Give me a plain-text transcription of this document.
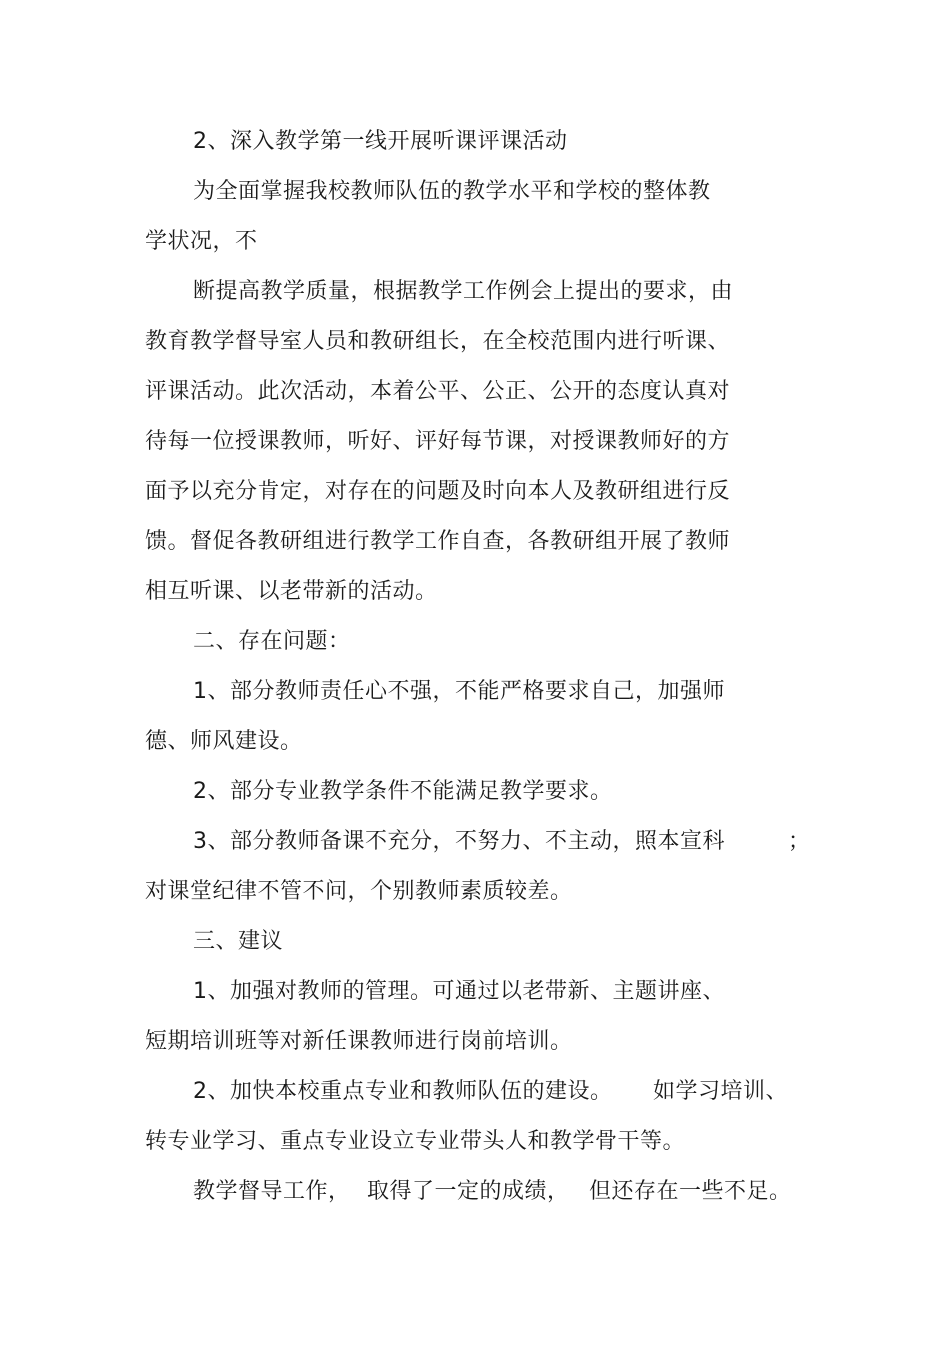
2、深入教学第一线开展听课评课活动
为全面掌握我校教师队伍的教学水平和学校的整体教
学状况，不
断提高教学质量，根据教学工作例会上提出的要求，由
教育教学督导室人员和教研组长，在全校范围内进行听课、
评课活动。此次活动，本着公平、公正、公开的态度认真对
待每一位授课教师，听好、评好每节课，对授课教师好的方
面予以充分肯定，对存在的问题及时向本人及教研组进行反
馈。督促各教研组进行教学工作自查，各教研组开展了教师
相互听课、以老带新的活动。
二、存在问题：
1、部分教师责任心不强，不能严格要求自己，加强师
德、师风建设。
2、部分专业教学条件不能满足教学要求。
3、部分教师备课不充分，不努力、不主动，照本宣科	；
对课堂纪律不管不问，个别教师素质较差。
三、建议
1、加强对教师的管理。可通过以老带新、主题讲座、
短期培训班等对新任课教师进行岗前培训。
2、加快本校重点专业和教师队伍的建设。 如学习培训、
转专业学习、重点专业设立专业带头人和教学骨干等。
教学督导工作， 取得了一定的成绩， 但还存在一些不足。
